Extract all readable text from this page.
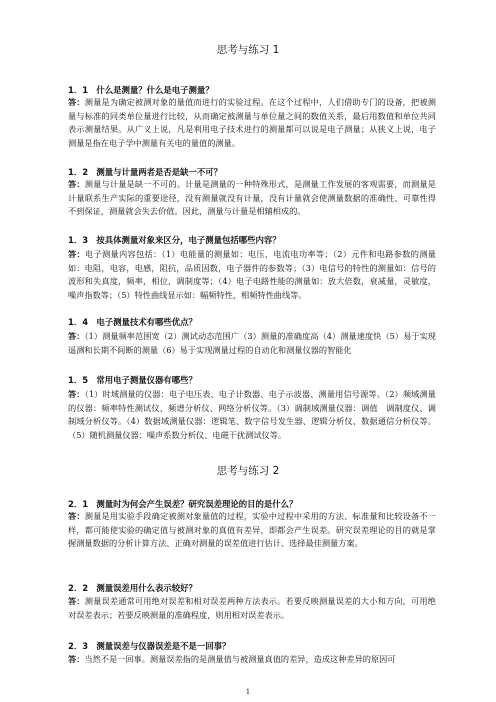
思考与练习 1
1．1　什么是测量？什么是电子测量？
答：测量是为确定被测对象的量值而进行的实验过程。在这个过程中，人们借助专门的设备，把被测量与标准的同类单位量进行比较，从而确定被测量与单位量之间的数值关系，最后用数值和单位共同表示测量结果。从广义上说，凡是利用电子技术进行的测量都可以说是电子测量；从狭义上说，电子测量是指在电子学中测量有关电的量值的测量。
1．2　测量与计量两者是否是缺一不可？
答：测量与计量是缺一不可的。计量是测量的一种特殊形式，是测量工作发展的客观需要，而测量是计量联系生产实际的重要途径，没有测量就没有计量，没有计量就会使测量数据的准确性、可靠性得不到保证，测量就会失去价值。因此，测量与计量是相辅相成的。
1．3　按具体测量对象来区分，电子测量包括哪些内容？
答：电子测量内容包括：（1）电能量的测量如：电压，电流电功率等；（2）元件和电路参数的测量如：电阻，电容，电感，阻抗，品质因数，电子器件的参数等；（3）电信号的特性的测量如：信号的波形和失真度，频率，相位，调制度等；（4）电子电路性能的测量如：放大倍数，衰减量，灵敏度，噪声指数等；（5）特性曲线显示如：幅频特性，相频特性曲线等。
1．4　电子测量技术有哪些优点？
答：（1）测量频率范围宽（2）测试动态范围广（3）测量的准确度高（4）测量速度快（5）易于实现遥测和长期不间断的测量（6）易于实现测量过程的自动化和测量仪器的智能化
1．5　常用电子测量仪器有哪些？
答：（1）时域测量的仪器：电子电压表、电子计数器、电子示波器、测量用信号源等。（2）频域测量的仪器：频率特性测试仪、频谱分析仪、网络分析仪等。（3）调制域测量仪器：调值　调制度仪、调制域分析仪等。（4）数据域测量仪器：逻辑笔、数字信号发生器、逻辑分析仪、数据通信分析仪等。（5）随机测量仪器：噪声系数分析仪、电磁干扰测试仪等。
思考与练习 2
2．1　测量时为何会产生误差？研究误差理论的目的是什么？
答：测量是用实验手段确定被测对象量值的过程，实验中过程中采用的方法、标准量和比较设备不一样，都可能使实验的确定值与被测对象的真值有差异，即都会产生误差。研究误差理论的目的就是掌握测量数据的分析计算方法、正确对测量的误差值进行估计、选择最佳测量方案。
2．2　测量误差用什么表示较好？
答：测量误差通常可用绝对误差和相对误差两种方法表示。若要反映测量误差的大小和方向，可用绝对误差表示；若要反映测量的准确程度，则用相对误差表示。
2．3　测量误差与仪器误差是不是一回事？
答：当然不是一回事。测量误差指的是测量值与被测量真值的差异，造成这种差异的原因可
1
